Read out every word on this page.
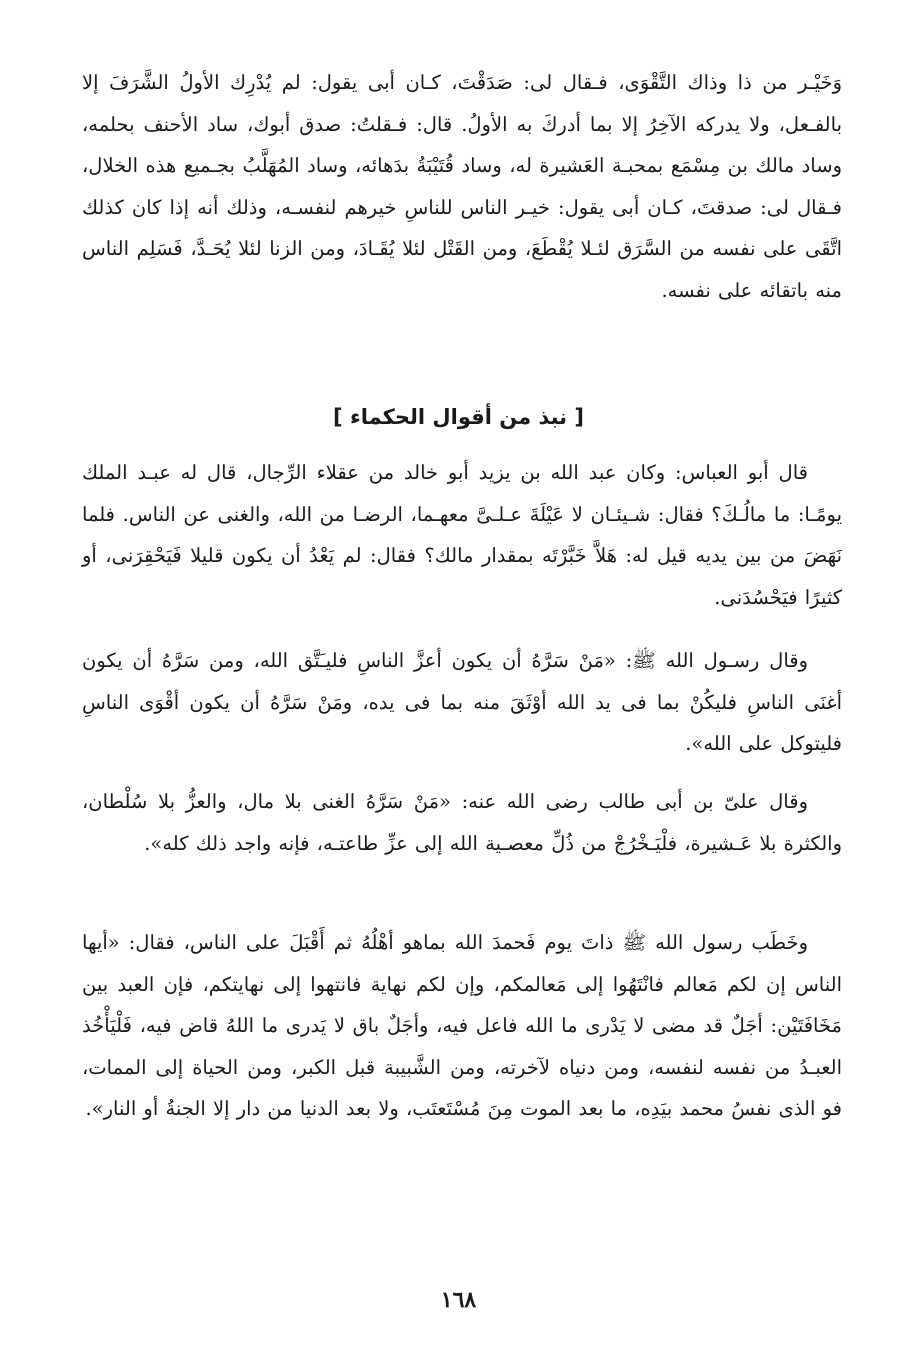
وَخَيْـر من ذا وذاك التَّقْوَى، فـقال لى: صَدَقْتَ، كـان أبى يقول: لم يُدْرِك الأولُ الشَّرَفَ إلا بالفـعل، ولا يدركه الآخِرُ إلا بما أدركَ به الأولُ. قال: فـقلتُ: صدق أبوك، ساد الأحنف بحلمه، وساد مالك بن مِسْمَع بمحبـة العَشيرة له، وساد قُتَيْبَةُ بدَهائه، وساد المُهَلَّبُ بجـميع هذه الخلال، فـقال لى: صدقتَ، كـان أبى يقول: خيـر الناس للناسِ خيرهم لنفسـه، وذلك أنه إذا كان كذلك اتَّقَى على نفسه من السَّرَق لئـلا يُقْطَعَ، ومن القَتْل لئلا يُقَـادَ، ومن الزنا لئلا يُحَـدَّ، فَسَلِم الناس منه باتقائه على نفسه.

[ نبذ من أقوال الحكماء ]

قال أبو العباس: وكان عبد الله بن يزيد أبو خالد من عقلاء الرِّجال، قال له عبـد الملك يومًـا: ما مالُـكَ؟ فقال: شـيئـان لا عَيْلَةَ عـلـىَّ معهـما، الرضـا من الله، والغنى عن الناس. فلما نَهَضَ من بين يديه قيل له: هَلاَّ خَبَّرْتَه بمقدار مالك؟ فقال: لم يَعْدُ أن يكون قليلا فَيَحْقِرَنى، أو كثيرًا فيَحْسُدَنى.

وقال رسـول الله ﷺ: «مَنْ سَرَّهُ أن يكون أعزَّ الناسِ فليـَتَّق الله، ومن سَرَّهُ أن يكون أغنَى الناسِ فليكُنْ بما فى يد الله أوْثَقَ منه بما فى يده، ومَنْ سَرَّهُ أن يكون أقْوَى الناسِ فليتوكل على الله».

وقال علىّ بن أبى طالب رضى الله عنه: «مَنْ سَرَّهُ الغنى بلا مال، والعزُّ بلا سُلْطان، والكثرة بلا عَـشيرة، فلْيَـخْرُجْ من ذُلِّ معصـية الله إلى عزِّ طاعتـه، فإنه واجد ذلك كله».

وخَطَب رسول الله ﷺ ذاتَ يوم فَحمدَ الله بماهو أهْلُهُ ثم أَقْبَلَ على الناس، فقال: «أيها الناس إن لكم مَعالم فانْتَهُوا إلى مَعالمكم، وإن لكم نهاية فانتهوا إلى نهايتكم، فإن العبد بين مَخَافَتَيْن: أجَلٌ قد مضى لا يَدْرى ما الله فاعل فيه، وأجَلٌ باق لا يَدرى ما اللهُ قاض فيه، فَلْيَأْخُذ العبـدُ من نفسه لنفسه، ومن دنياه لآخرته، ومن الشَّبيبة قبل الكبر، ومن الحياة إلى الممات، فو الذى نفسُ محمد بيَدِه، ما بعد الموت مِنَ مُسْتَعتَب، ولا بعد الدنيا من دار إلا الجنةُ أو النار».

١٦٨
